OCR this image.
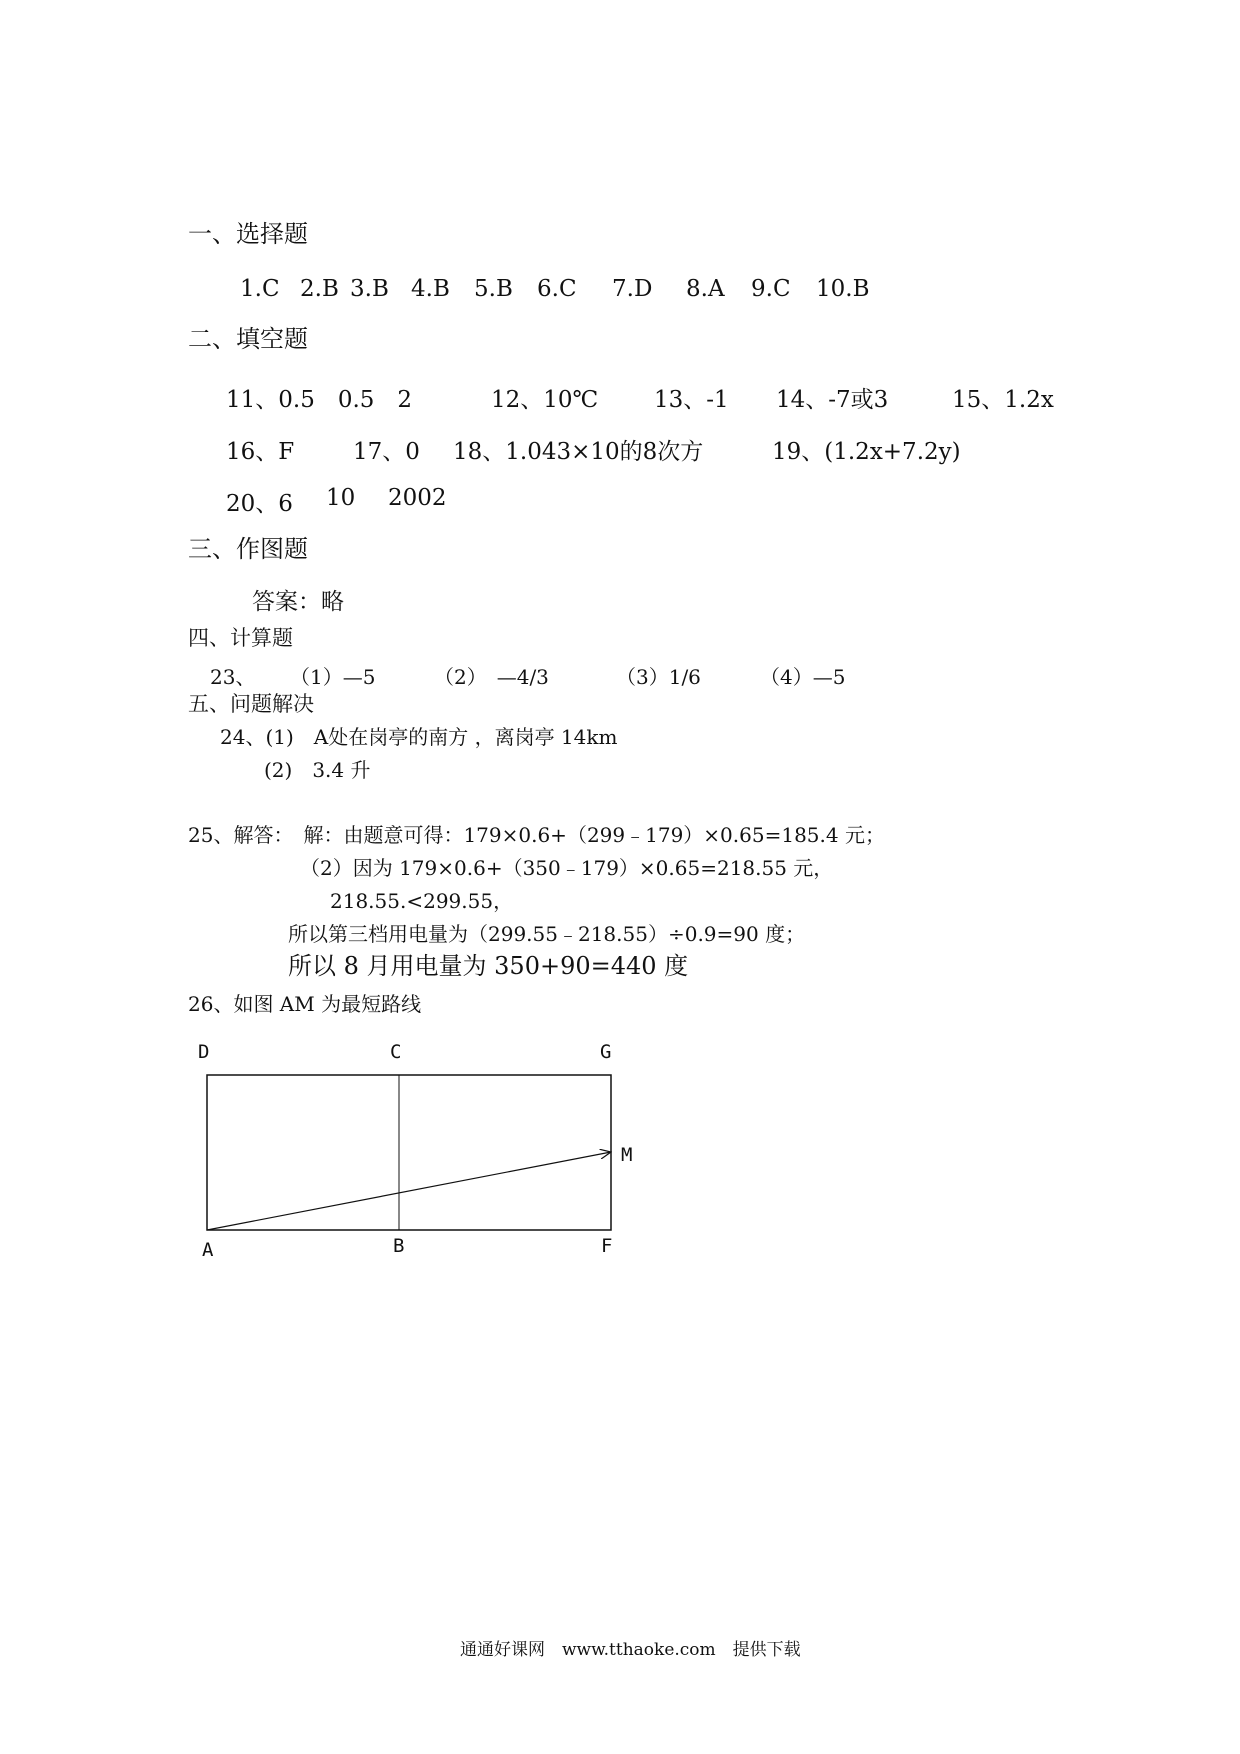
一、选择题
1.C 2.B 3.B 4.B 5.B 6.C 7.D 8.A 9.C 10.B
二、填空题
11、0.5　0.5　2	12、10℃ 13、-1 14、-7或3	15、1.2x
16、F	17、0 18、1.043×10的8次方	19、(1.2x+7.2y)
20、6 10 2002
三、作图题
答案：略
四、计算题
23、 （1）—5	（2）　—4/3	（3）1/6	（4）—5
五、问题解决
24、(1)　A处在岗亭的南方 ，离岗亭 14km
(2)　3.4 升
25、解答：　解：由题意可得：179×0.6+（299﹣179）×0.65=185.4 元；
（2）因为 179×0.6+（350﹣179）×0.65=218.55 元，
218.55.<299.55，
所以第三档用电量为（299.55﹣218.55）÷0.9=90 度；
所以 8 月用电量为 350+90=440 度
26、如图 AM 为最短路线
D	C	G
M
A	B	F
通通好课网　www.tthaoke.com　提供下载
